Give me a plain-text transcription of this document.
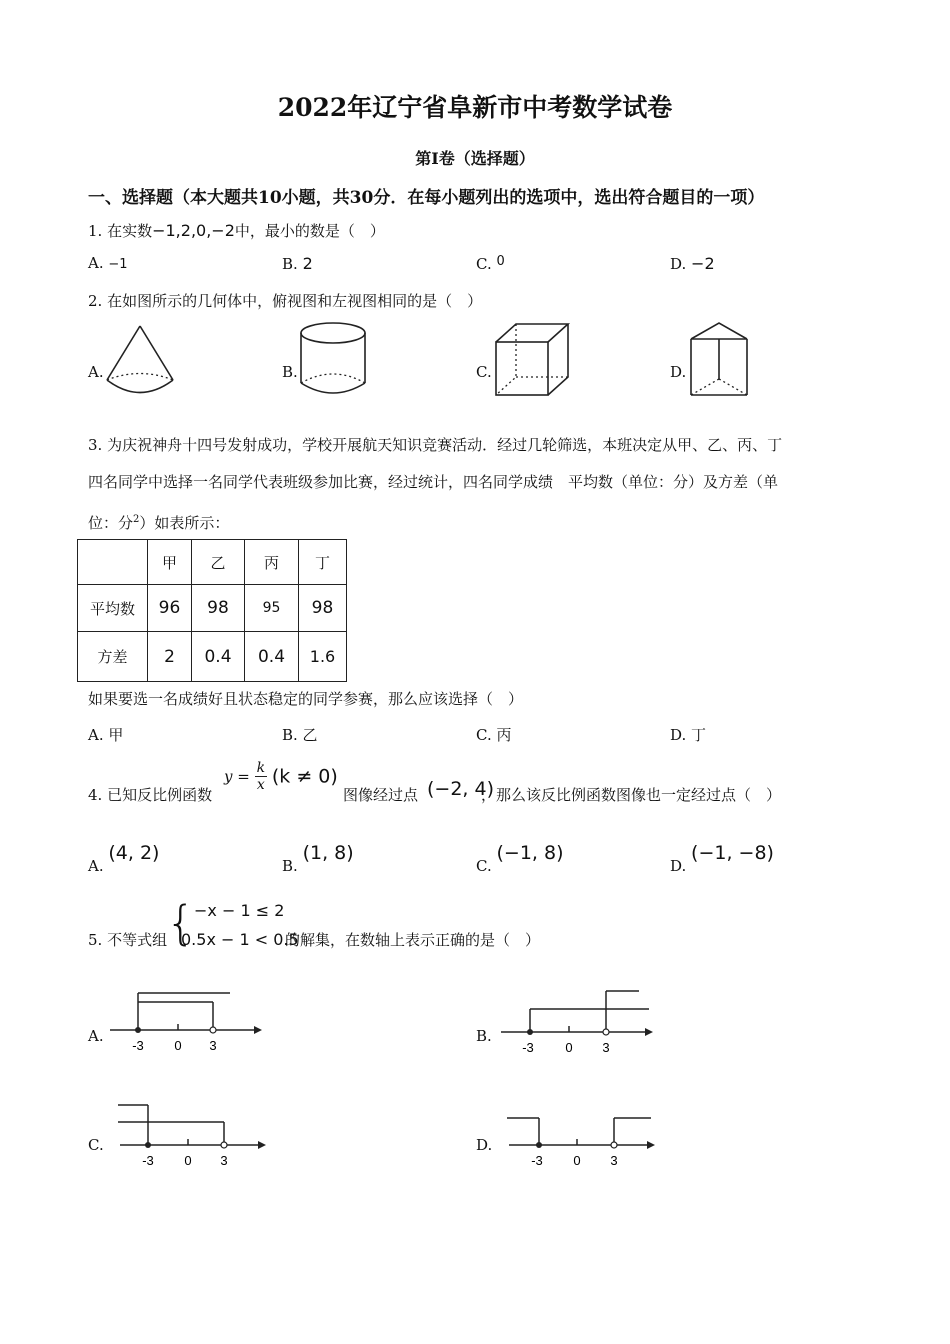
2022年辽宁省阜新市中考数学试卷
第I卷（选择题）
一、选择题（本大题共10小题，共30分．在每小题列出的选项中，选出符合题目的一项）
1. 在实数−1,2,0,−2中，最小的数是（　）
A. −1	B. 2	C. 0	D. −2
2. 在如图所示的几何体中，俯视图和左视图相同的是（　）
A.	B.	C.	D.
3. 为庆祝神舟十四号发射成功，学校开展航天知识竞赛活动．经过几轮筛选，本班决定从甲、乙、丙、丁
四名同学中选择一名同学代表班级参加比赛，经过统计，四名同学成绩　平均数（单位：分）及方差（单
位：分$^2$）如表所示：
	甲	乙	丙	丁
平均数	96	98	95	98
方差	2	0.4	0.4	1.6
如果要选一名成绩好且状态稳定的同学参赛，那么应该选择（　）
A. 甲	B. 乙	C. 丙	D. 丁
4. 已知反比例函数
$y = \frac{k}{x} (k \ne 0)$
图像经过点 (−2, 4)
，那么该反比例函数图像也一定经过点（　）
A. (4, 2)
B. (1, 8)
C. (−1, 8)
D. (−1, −8)
5. 不等式组
{
−x − 1 ≤ 2
0.5x − 1 < 0.5
的解集，在数轴上表示正确的是（　）
A.
-3 0 3
B.
-3 0 3
C.
-3 0 3
D.
-3 0 3
